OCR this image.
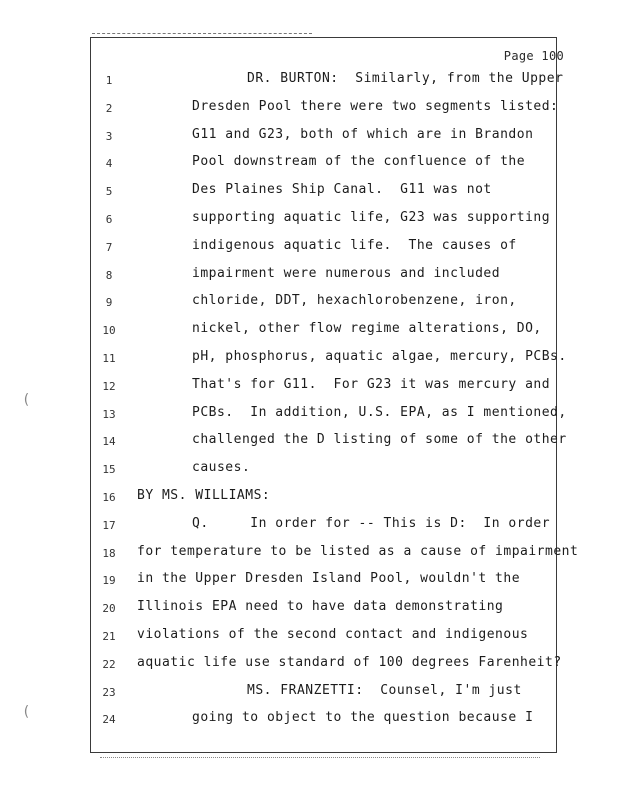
Page 100
1	DR. BURTON:  Similarly, from the Upper
2	Dresden Pool there were two segments listed:
3	G11 and G23, both of which are in Brandon
4	Pool downstream of the confluence of the
5	Des Plaines Ship Canal.  G11 was not
6	supporting aquatic life, G23 was supporting
7	indigenous aquatic life.  The causes of
8	impairment were numerous and included
9	chloride, DDT, hexachlorobenzene, iron,
10	nickel, other flow regime alterations, DO,
11	pH, phosphorus, aquatic algae, mercury, PCBs.
12	That's for G11.  For G23 it was mercury and
13	PCBs.  In addition, U.S. EPA, as I mentioned,
14	challenged the D listing of some of the other
15	causes.
16	BY MS. WILLIAMS:
17	Q.     In order for -- This is D:  In order
18	for temperature to be listed as a cause of impairment
19	in the Upper Dresden Island Pool, wouldn't the
20	Illinois EPA need to have data demonstrating
21	violations of the second contact and indigenous
22	aquatic life use standard of 100 degrees Farenheit?
23	MS. FRANZETTI:  Counsel, I'm just
24	going to object to the question because I
(
(
